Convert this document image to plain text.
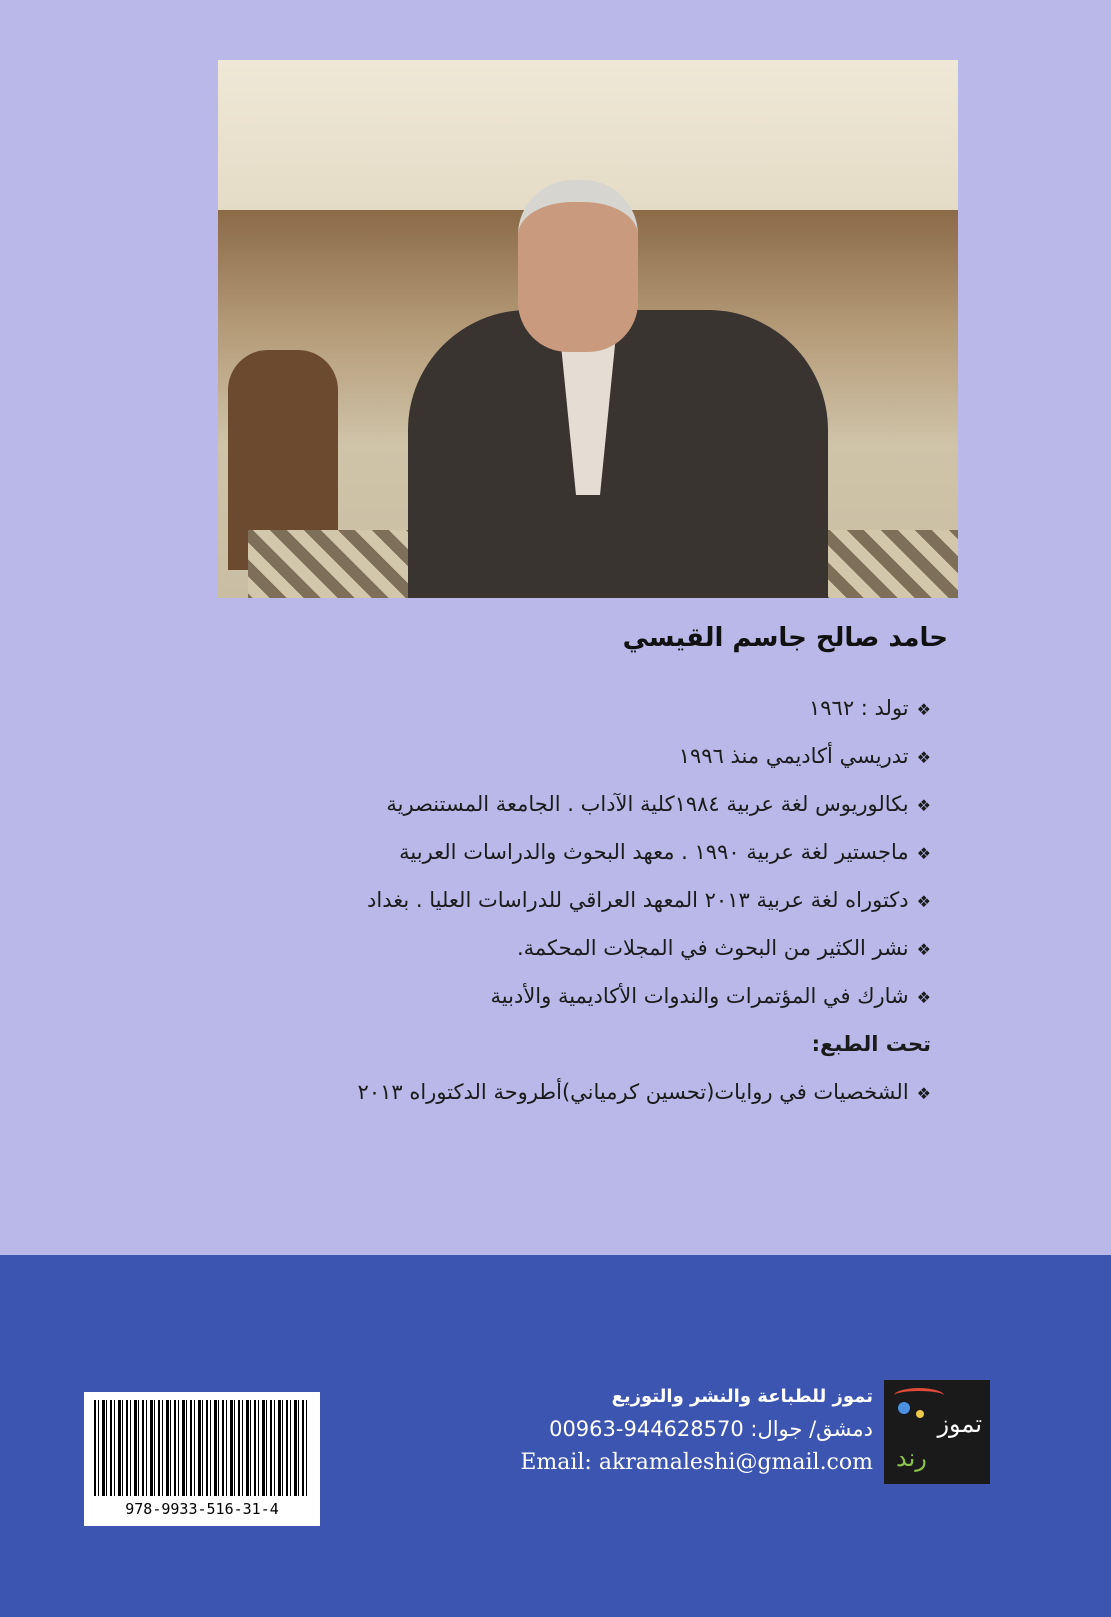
حامد صالح جاسم القيسي
❖تولد : ١٩٦٢
❖تدريسي أكاديمي منذ ١٩٩٦
❖بكالوريوس لغة عربية ١٩٨٤كلية الآداب . الجامعة المستنصرية
❖ماجستير لغة عربية ١٩٩٠ . معهد البحوث والدراسات العربية
❖دكتوراه لغة عربية ٢٠١٣ المعهد العراقي للدراسات العليا . بغداد
❖نشر الكثير من البحوث في المجلات المحكمة.
❖شارك في المؤتمرات والندوات الأكاديمية والأدبية
تحت الطبع:
❖الشخصيات في روايات(تحسين كرمياني)أطروحة الدكتوراه ٢٠١٣
978-9933-516-31-4
تموز للطباعة والنشر والتوزيع
دمشق/ جوال: 944628570-00963
Email: akramaleshi@gmail.com
تموز
رند
